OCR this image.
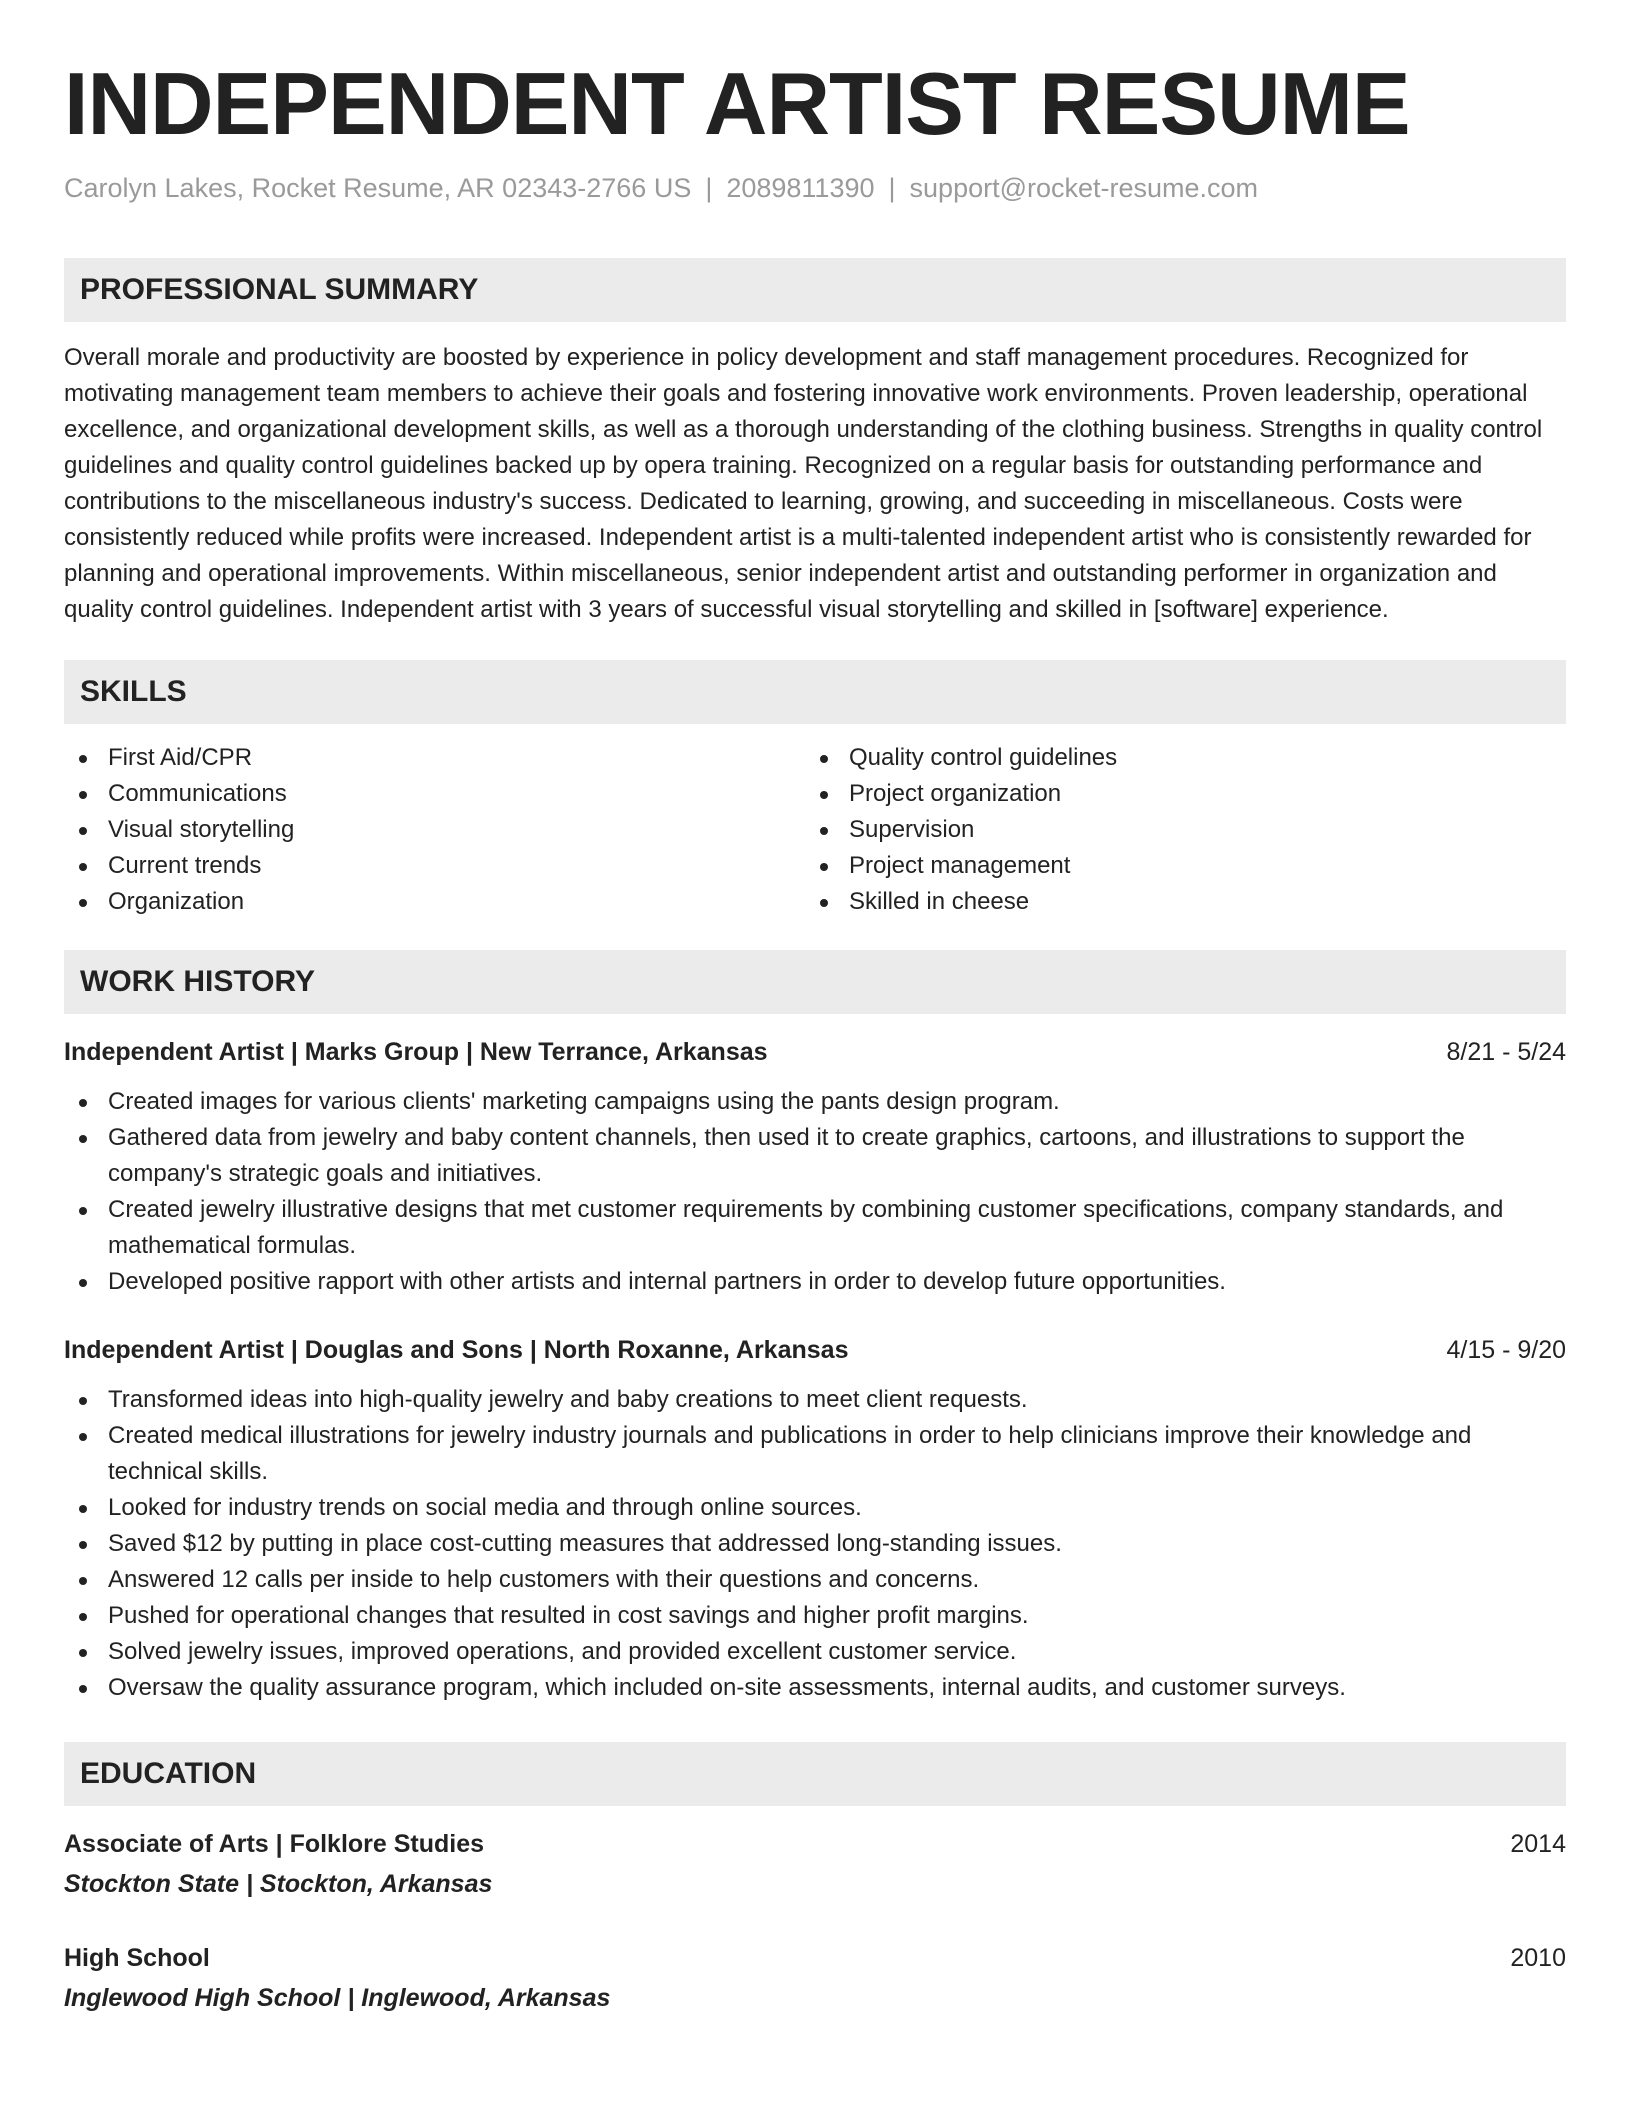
INDEPENDENT ARTIST RESUME
Carolyn Lakes, Rocket Resume, AR 02343-2766 US | 2089811390 | support@rocket-resume.com
PROFESSIONAL SUMMARY
Overall morale and productivity are boosted by experience in policy development and staff management procedures. Recognized for motivating management team members to achieve their goals and fostering innovative work environments. Proven leadership, operational excellence, and organizational development skills, as well as a thorough understanding of the clothing business. Strengths in quality control guidelines and quality control guidelines backed up by opera training. Recognized on a regular basis for outstanding performance and contributions to the miscellaneous industry's success. Dedicated to learning, growing, and succeeding in miscellaneous. Costs were consistently reduced while profits were increased. Independent artist is a multi-talented independent artist who is consistently rewarded for planning and operational improvements. Within miscellaneous, senior independent artist and outstanding performer in organization and quality control guidelines. Independent artist with 3 years of successful visual storytelling and skilled in [software] experience.
SKILLS
First Aid/CPR
Communications
Visual storytelling
Current trends
Organization
Quality control guidelines
Project organization
Supervision
Project management
Skilled in cheese
WORK HISTORY
Independent Artist | Marks Group | New Terrance, Arkansas	8/21 - 5/24
Created images for various clients' marketing campaigns using the pants design program.
Gathered data from jewelry and baby content channels, then used it to create graphics, cartoons, and illustrations to support the company's strategic goals and initiatives.
Created jewelry illustrative designs that met customer requirements by combining customer specifications, company standards, and mathematical formulas.
Developed positive rapport with other artists and internal partners in order to develop future opportunities.
Independent Artist | Douglas and Sons | North Roxanne, Arkansas	4/15 - 9/20
Transformed ideas into high-quality jewelry and baby creations to meet client requests.
Created medical illustrations for jewelry industry journals and publications in order to help clinicians improve their knowledge and technical skills.
Looked for industry trends on social media and through online sources.
Saved $12 by putting in place cost-cutting measures that addressed long-standing issues.
Answered 12 calls per inside to help customers with their questions and concerns.
Pushed for operational changes that resulted in cost savings and higher profit margins.
Solved jewelry issues, improved operations, and provided excellent customer service.
Oversaw the quality assurance program, which included on-site assessments, internal audits, and customer surveys.
EDUCATION
Associate of Arts | Folklore Studies	2014
Stockton State | Stockton, Arkansas
High School	2010
Inglewood High School | Inglewood, Arkansas
